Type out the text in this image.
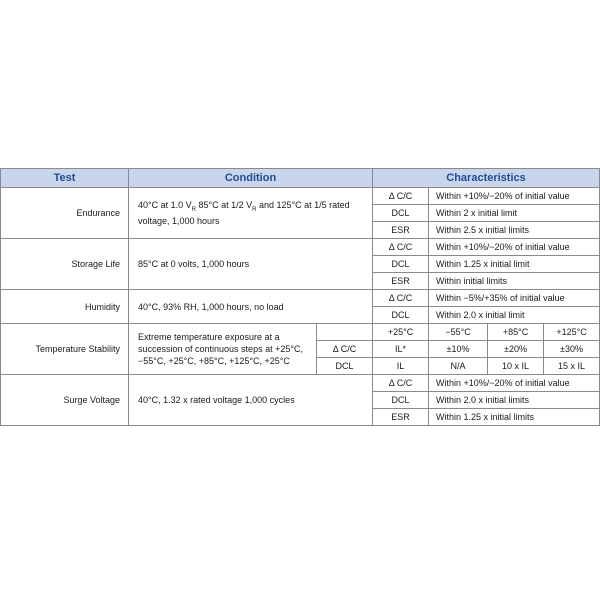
Test	Condition		Characteristics			
Endurance	40°C at 1.0 $V_R$ 85°C at 1/2 $V_R$ and 125°C at 1/5 rated voltage, 1,000 hours		Δ C/C	Within +10%/−20% of initial value		
			DCL	Within 2 x initial limit		
			ESR	Within 2.5 x initial limits		
Storage Life	85°C at 0 volts, 1,000 hours		Δ C/C	Within +10%/−20% of initial value		
			DCL	Within 1.25 x initial limit		
			ESR	Within initial limits		
Humidity	40°C, 93% RH, 1,000 hours, no load		Δ C/C	Within −5%/+35% of initial value		
			DCL	Within 2.0 x initial limit		
Temperature Stability	Extreme temperature exposure at a succession of continuous steps at +25°C, −55°C, +25°C, +85°C, +125°C, +25°C		+25°C	−55°C	+85°C	+125°C
		Δ C/C	IL*	±10%	±20%	±30%
		DCL	IL	N/A	10 x IL	15 x IL
Surge Voltage	40°C, 1.32 x rated voltage 1,000 cycles		Δ C/C	Within +10%/−20% of initial value		
			DCL	Within 2.0 x initial limits		
			ESR	Within 1.25 x initial limits		
